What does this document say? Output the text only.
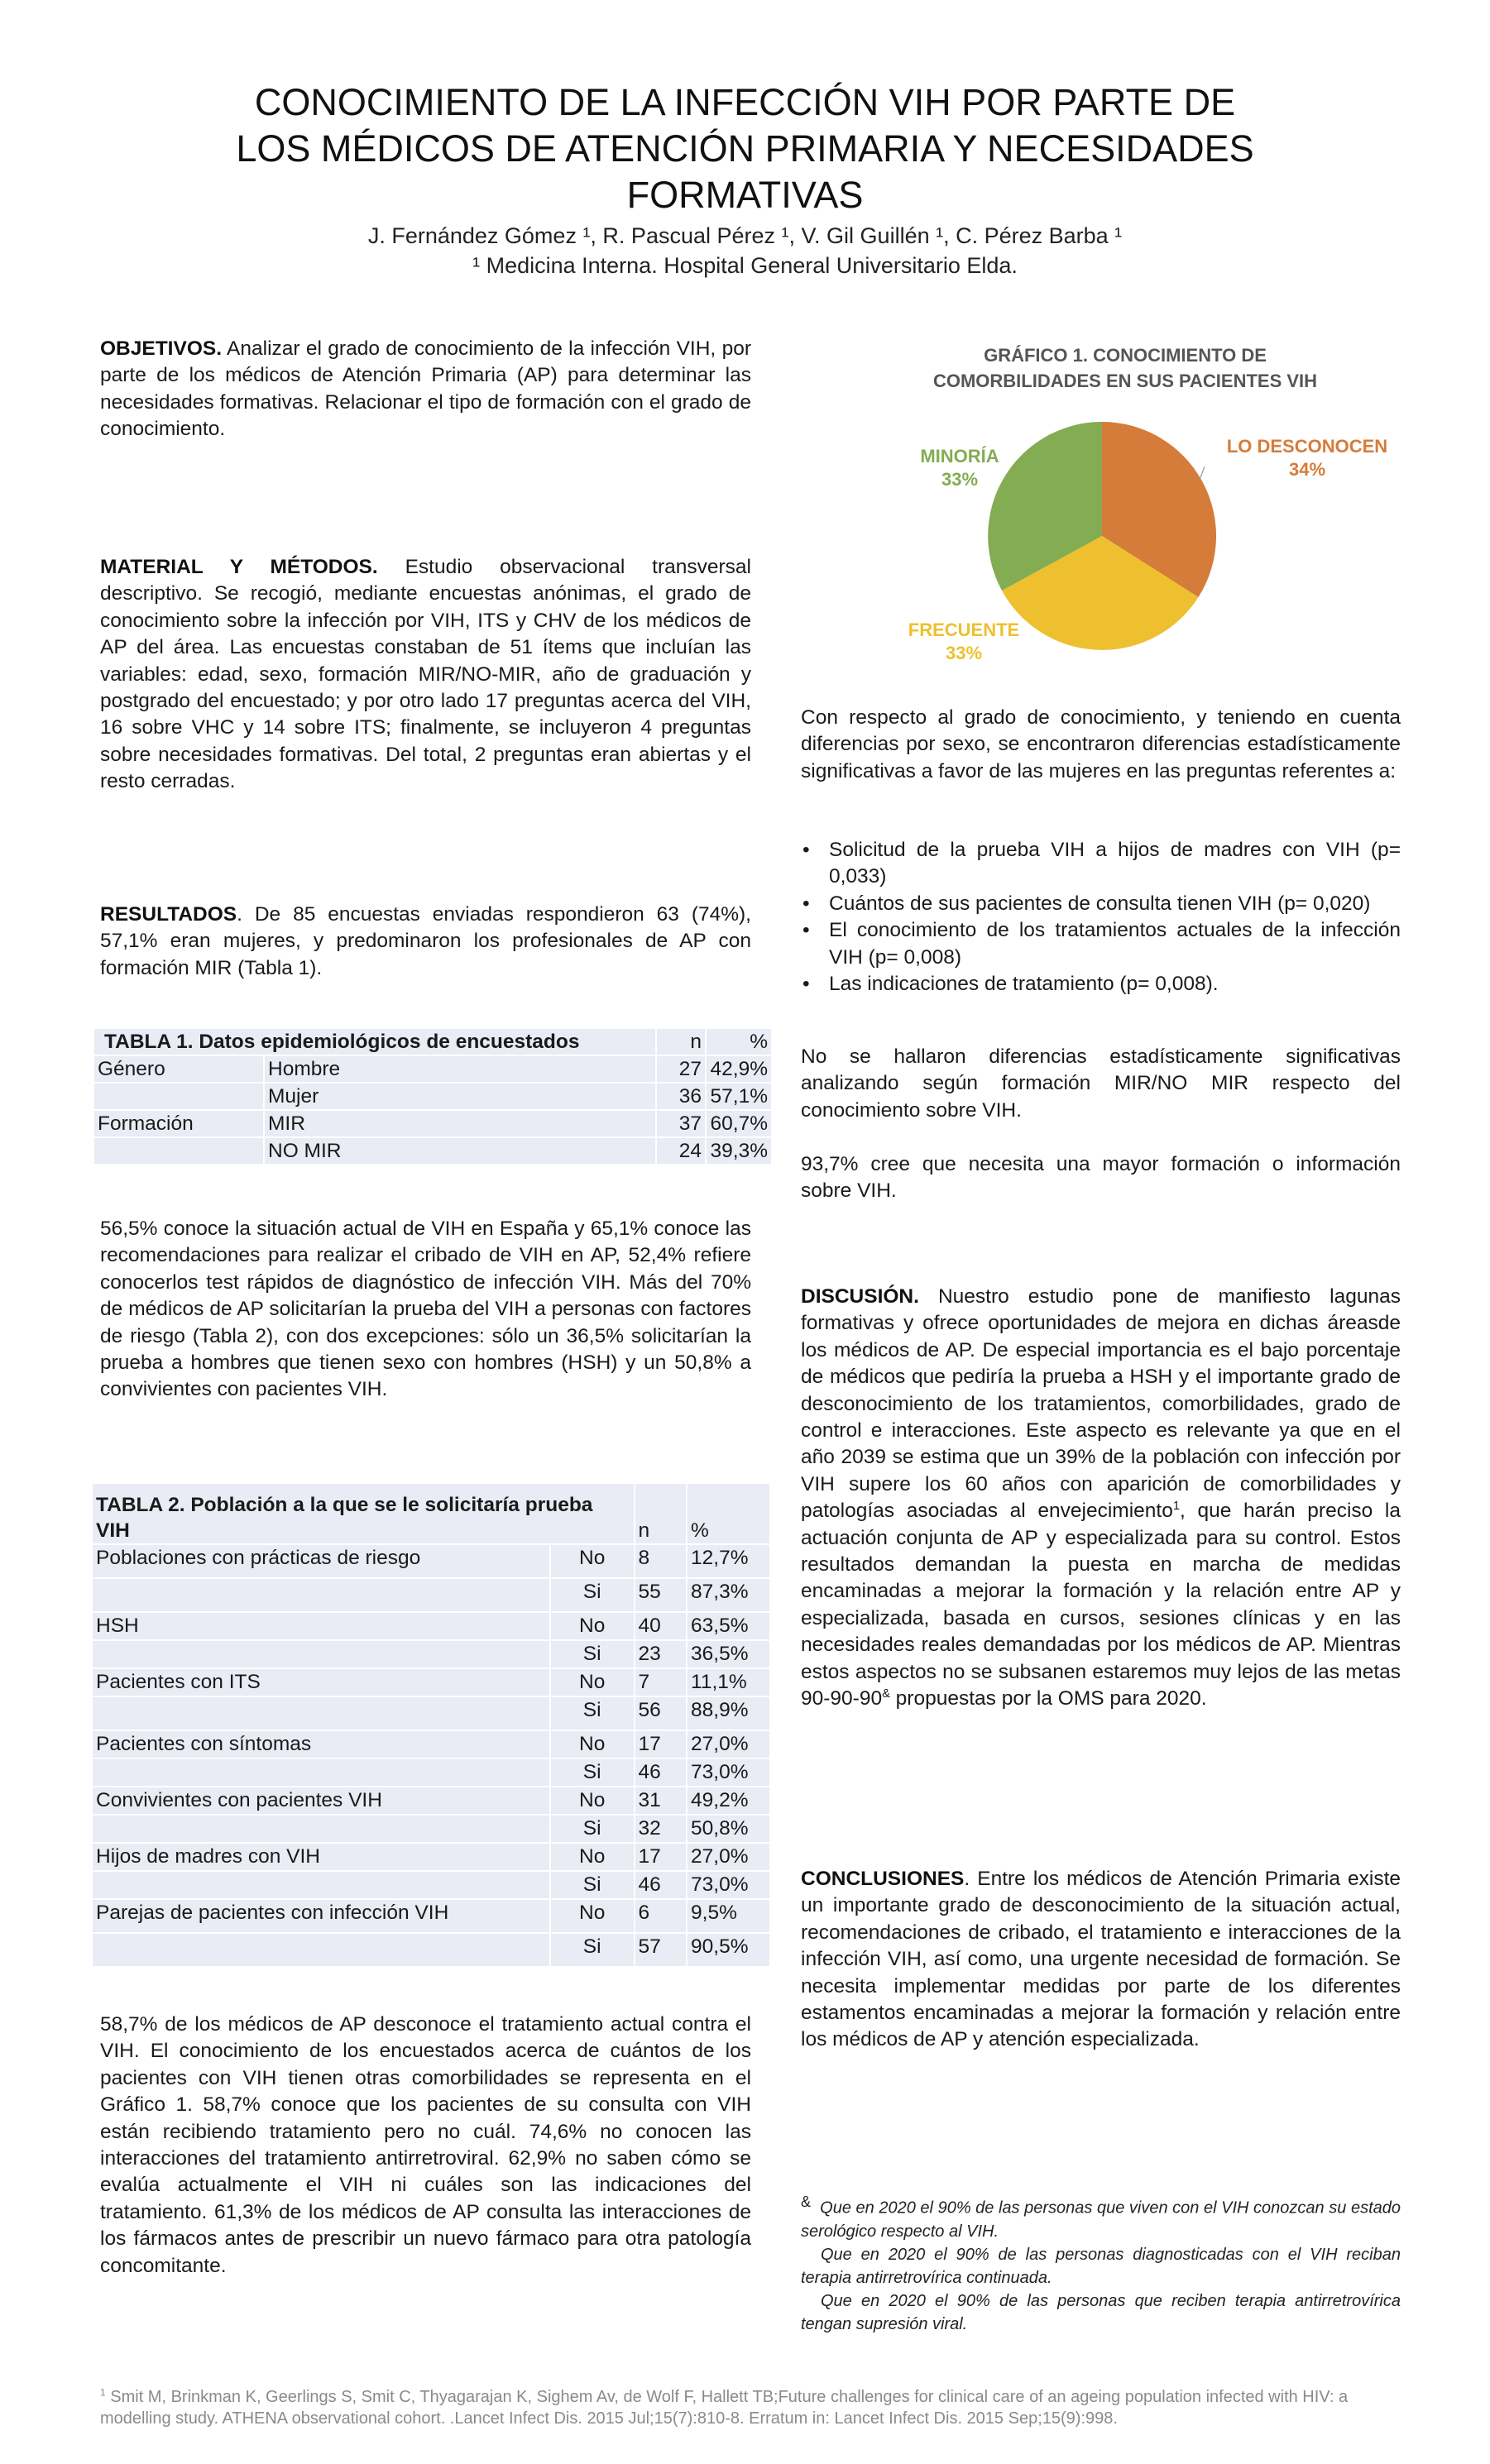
CONOCIMIENTO DE LA INFECCIÓN VIH POR PARTE DE
LOS MÉDICOS DE ATENCIÓN PRIMARIA Y NECESIDADES
FORMATIVAS
J. Fernández Gómez ¹, R. Pascual Pérez ¹, V. Gil Guillén ¹, C. Pérez Barba ¹
¹ Medicina Interna. Hospital General Universitario Elda.
OBJETIVOS. Analizar el grado de conocimiento de la infección VIH, por parte de los médicos de Atención Primaria (AP) para determinar las necesidades formativas. Relacionar el tipo de formación con el grado de conocimiento.
MATERIAL Y MÉTODOS. Estudio observacional transversal descriptivo. Se recogió, mediante encuestas anónimas, el grado de conocimiento sobre la infección por VIH, ITS y CHV de los médicos de AP del área. Las encuestas constaban de 51 ítems que incluían las variables: edad, sexo, formación MIR/NO-MIR, año de graduación y postgrado del encuestado; y por otro lado 17 preguntas acerca del VIH, 16 sobre VHC y 14 sobre ITS; finalmente, se incluyeron 4 preguntas sobre necesidades formativas. Del total, 2 preguntas eran abiertas y el resto cerradas.
RESULTADOS. De 85 encuestas enviadas respondieron 63 (74%), 57,1% eran mujeres, y predominaron los profesionales de AP con formación MIR (Tabla 1).
TABLA 1. Datos epidemiológicos de encuestados		n	%
Género	Hombre	27	42,9%
	Mujer	36	57,1%
Formación	MIR	37	60,7%
	NO MIR	24	39,3%
56,5% conoce la situación actual de VIH en España y 65,1% conoce las recomendaciones para realizar el cribado de VIH en AP, 52,4% refiere conocerlos test rápidos de diagnóstico de infección VIH. Más del 70% de médicos de AP solicitarían la prueba del VIH a personas con factores de riesgo (Tabla 2), con dos excepciones: sólo un 36,5% solicitarían la prueba a hombres que tienen sexo con hombres (HSH) y un 50,8% a convivientes con pacientes VIH.
TABLA 2. Población a la que se le solicitaría prueba VIH		n	%
Poblaciones con prácticas de riesgo	No	8	12,7%
	Si	55	87,3%
HSH	No	40	63,5%
	Si	23	36,5%
Pacientes con ITS	No	7	11,1%
	Si	56	88,9%
Pacientes con síntomas	No	17	27,0%
	Si	46	73,0%
Convivientes con pacientes VIH	No	31	49,2%
	Si	32	50,8%
Hijos de madres con VIH	No	17	27,0%
	Si	46	73,0%
Parejas de pacientes con infección VIH	No	6	9,5%
	Si	57	90,5%
58,7% de los médicos de AP desconoce el tratamiento actual contra el VIH. El conocimiento de los encuestados acerca de cuántos de los pacientes con VIH tienen otras comorbilidades se representa en el Gráfico 1. 58,7% conoce que los pacientes de su consulta con VIH están recibiendo tratamiento pero no cuál. 74,6% no conocen las interacciones del tratamiento antirretroviral. 62,9% no saben cómo se evalúa actualmente el VIH ni cuáles son las indicaciones del tratamiento. 61,3% de los médicos de AP consulta las interacciones de los fármacos antes de prescribir un nuevo fármaco para otra patología concomitante.
GRÁFICO 1. CONOCIMIENTO DE
COMORBILIDADES EN SUS PACIENTES VIH
MINORÍA
33%
LO DESCONOCEN
34%
FRECUENTE
33%
Con respecto al grado de conocimiento, y teniendo en cuenta diferencias por sexo, se encontraron diferencias estadísticamente significativas a favor de las mujeres en las preguntas referentes a:
• Solicitud de la prueba VIH a hijos de madres con VIH (p= 0,033)
• Cuántos de sus pacientes de consulta tienen VIH (p= 0,020)
• El conocimiento de los tratamientos actuales de la infección VIH (p= 0,008)
• Las indicaciones de tratamiento (p= 0,008).
No se hallaron diferencias estadísticamente significativas analizando según formación MIR/NO MIR respecto del conocimiento sobre VIH.
93,7% cree que necesita una mayor formación o información sobre VIH.
DISCUSIÓN. Nuestro estudio pone de manifiesto lagunas formativas y ofrece oportunidades de mejora en dichas áreasde los médicos de AP. De especial importancia es el bajo porcentaje de médicos que pediría la prueba a HSH y el importante grado de desconocimiento de los tratamientos, comorbilidades, grado de control e interacciones. Este aspecto es relevante ya que en el año 2039 se estima que un 39% de la población con infección por VIH supere los 60 años con aparición de comorbilidades y patologías asociadas al envejecimiento$^1$, que harán preciso la actuación conjunta de AP y especializada para su control. Estos resultados demandan la puesta en marcha de medidas encaminadas a mejorar la formación y la relación entre AP y especializada, basada en cursos, sesiones clínicas y en las necesidades reales demandadas por los médicos de AP. Mientras estos aspectos no se subsanen estaremos muy lejos de las metas 90-90-90& propuestas por la OMS para 2020.
CONCLUSIONES. Entre los médicos de Atención Primaria existe un importante grado de desconocimiento de la situación actual, recomendaciones de cribado, el tratamiento e interacciones de la infección VIH, así como, una urgente necesidad de formación. Se necesita implementar medidas por parte de los diferentes estamentos encaminadas a mejorar la formación y relación entre los médicos de AP y atención especializada.
& Que en 2020 el 90% de las personas que viven con el VIH conozcan su estado serológico respecto al VIH.
Que en 2020 el 90% de las personas diagnosticadas con el VIH reciban terapia antirretrovírica continuada.
Que en 2020 el 90% de las personas que reciben terapia antirretrovírica tengan supresión viral.
$^1$ Smit M, Brinkman K, Geerlings S, Smit C, Thyagarajan K, Sighem Av, de Wolf F, Hallett TB;Future challenges for clinical care of an ageing population infected with HIV: a modelling study. ATHENA observational cohort. .Lancet Infect Dis. 2015 Jul;15(7):810-8. Erratum in: Lancet Infect Dis. 2015 Sep;15(9):998.
